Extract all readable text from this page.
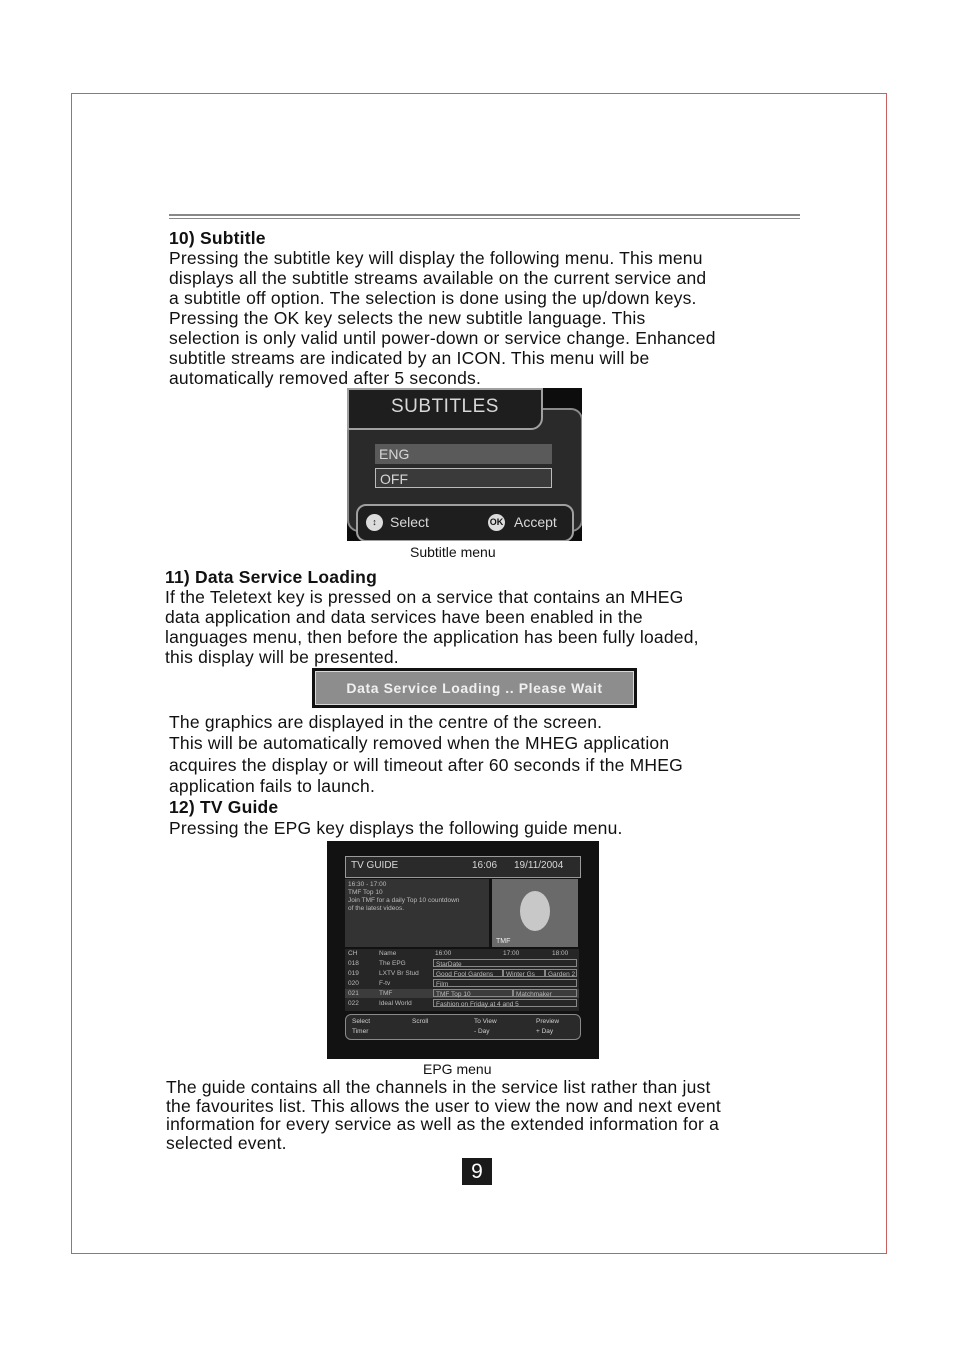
10) Subtitle
Pressing the subtitle key will display the following menu. This menu
displays all the subtitle streams available on the current service and
a subtitle off option. The selection is done using the up/down keys.
Pressing the OK key selects the new subtitle language. This
selection is only valid until power-down or service change. Enhanced
subtitle streams are indicated by an ICON. This menu will be
automatically removed after 5 seconds.
SUBTITLES
ENG
OFF
↕ Select	OK Accept
Subtitle menu
11) Data Service Loading
If the Teletext key is pressed on a service that contains an MHEG
data application and data services have been enabled in the
languages menu, then before the application has been fully loaded,
this display will be presented.
Data Service Loading .. Please Wait
The graphics are displayed in the centre of the screen.
This will be automatically removed when the MHEG application
acquires the display or will timeout after 60 seconds if the MHEG
application fails to launch.
12) TV Guide
Pressing the EPG key displays the following guide menu.
TV GUIDE	16:06 19/11/2004
16:30 - 17:00
TMF Top 10
Join TMF for a daily Top 10 countdown
of the latest videos.
TMF
CH	Name	16:00	17:00	18:00
018	The EPG	StarDate
019	LXTV Br Stud	Good Fool Gardens	Winter Gs	Garden 2
020	F-tv	Film
021	TMF	TMF Top 10	Matchmaker
022	Ideal World	Fashion on Friday at 4 and 5
Select	Scroll	To View	Preview
Timer	- Day	+ Day
EPG menu
The guide contains all the channels in the service list rather than just
the favourites list. This allows the user to view the now and next event
information for every service as well as the extended information for a
selected event.
9
